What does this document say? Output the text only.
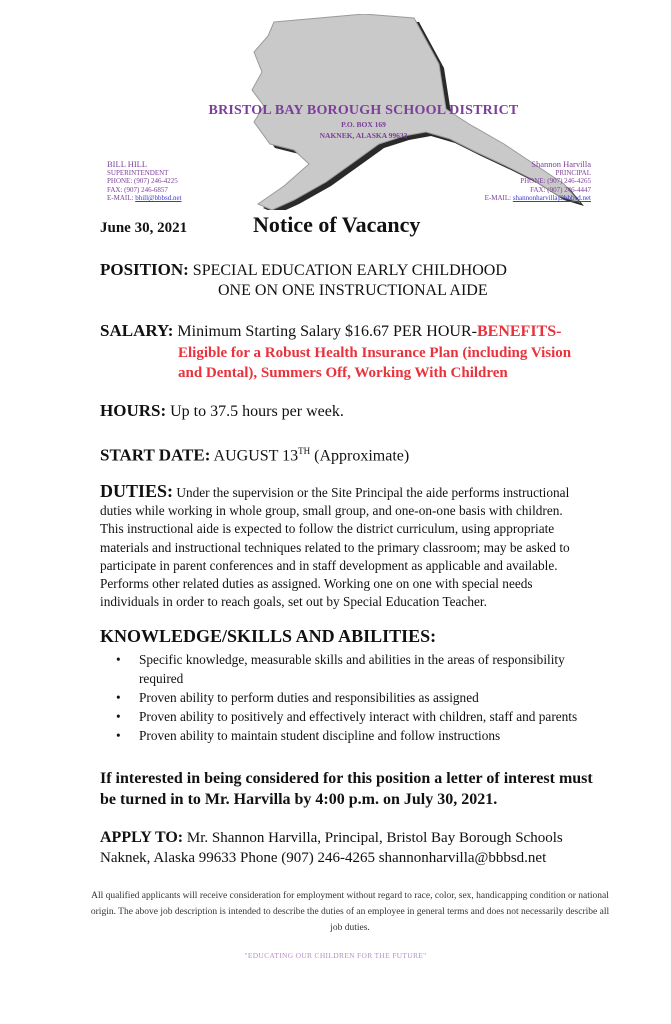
BRISTOL BAY BOROUGH SCHOOL DISTRICT
P.O. BOX 169
NAKNEK, ALASKA 99633
BILL HILL
SUPERINTENDENT
PHONE: (907) 246-4225
FAX: (907) 246-6857
E-MAIL: bhill@bbbsd.net
Shannon Harvilla
PRINCIPAL
PHONE: (907) 246-4265
FAX: (907) 246-4447
E-MAIL: shannonharvilla@bbbsd.net
June 30, 2021	Notice of Vacancy
POSITION: SPECIAL EDUCATION EARLY CHILDHOOD
ONE ON ONE INSTRUCTIONAL AIDE
SALARY: Minimum Starting Salary $16.67 PER HOUR-BENEFITS-
Eligible for a Robust Health Insurance Plan (including Vision
and Dental), Summers Off, Working With Children
HOURS: Up to 37.5 hours per week.
START DATE: AUGUST 13TH (Approximate)
DUTIES: Under the supervision or the Site Principal the aide performs instructional duties while working in whole group, small group, and one-on-one basis with children. This instructional aide is expected to follow the district curriculum, using appropriate materials and instructional techniques related to the primary classroom; may be asked to participate in parent conferences and in staff development as applicable and available. Performs other related duties as assigned. Working one on one with special needs individuals in order to reach goals, set out by Special Education Teacher.
KNOWLEDGE/SKILLS AND ABILITIES:
• Specific knowledge, measurable skills and abilities in the areas of responsibility required
• Proven ability to perform duties and responsibilities as assigned
• Proven ability to positively and effectively interact with children, staff and parents
• Proven ability to maintain student discipline and follow instructions
If interested in being considered for this position a letter of interest must be turned in to Mr. Harvilla by 4:00 p.m. on July 30, 2021.
APPLY TO: Mr. Shannon Harvilla, Principal, Bristol Bay Borough Schools
Naknek, Alaska 99633 Phone (907) 246-4265 shannonharvilla@bbbsd.net
All qualified applicants will receive consideration for employment without regard to race, color, sex, handicapping condition or national origin. The above job description is intended to describe the duties of an employee in general terms and does not necessarily describe all job duties.
"EDUCATING OUR CHILDREN FOR THE FUTURE"
